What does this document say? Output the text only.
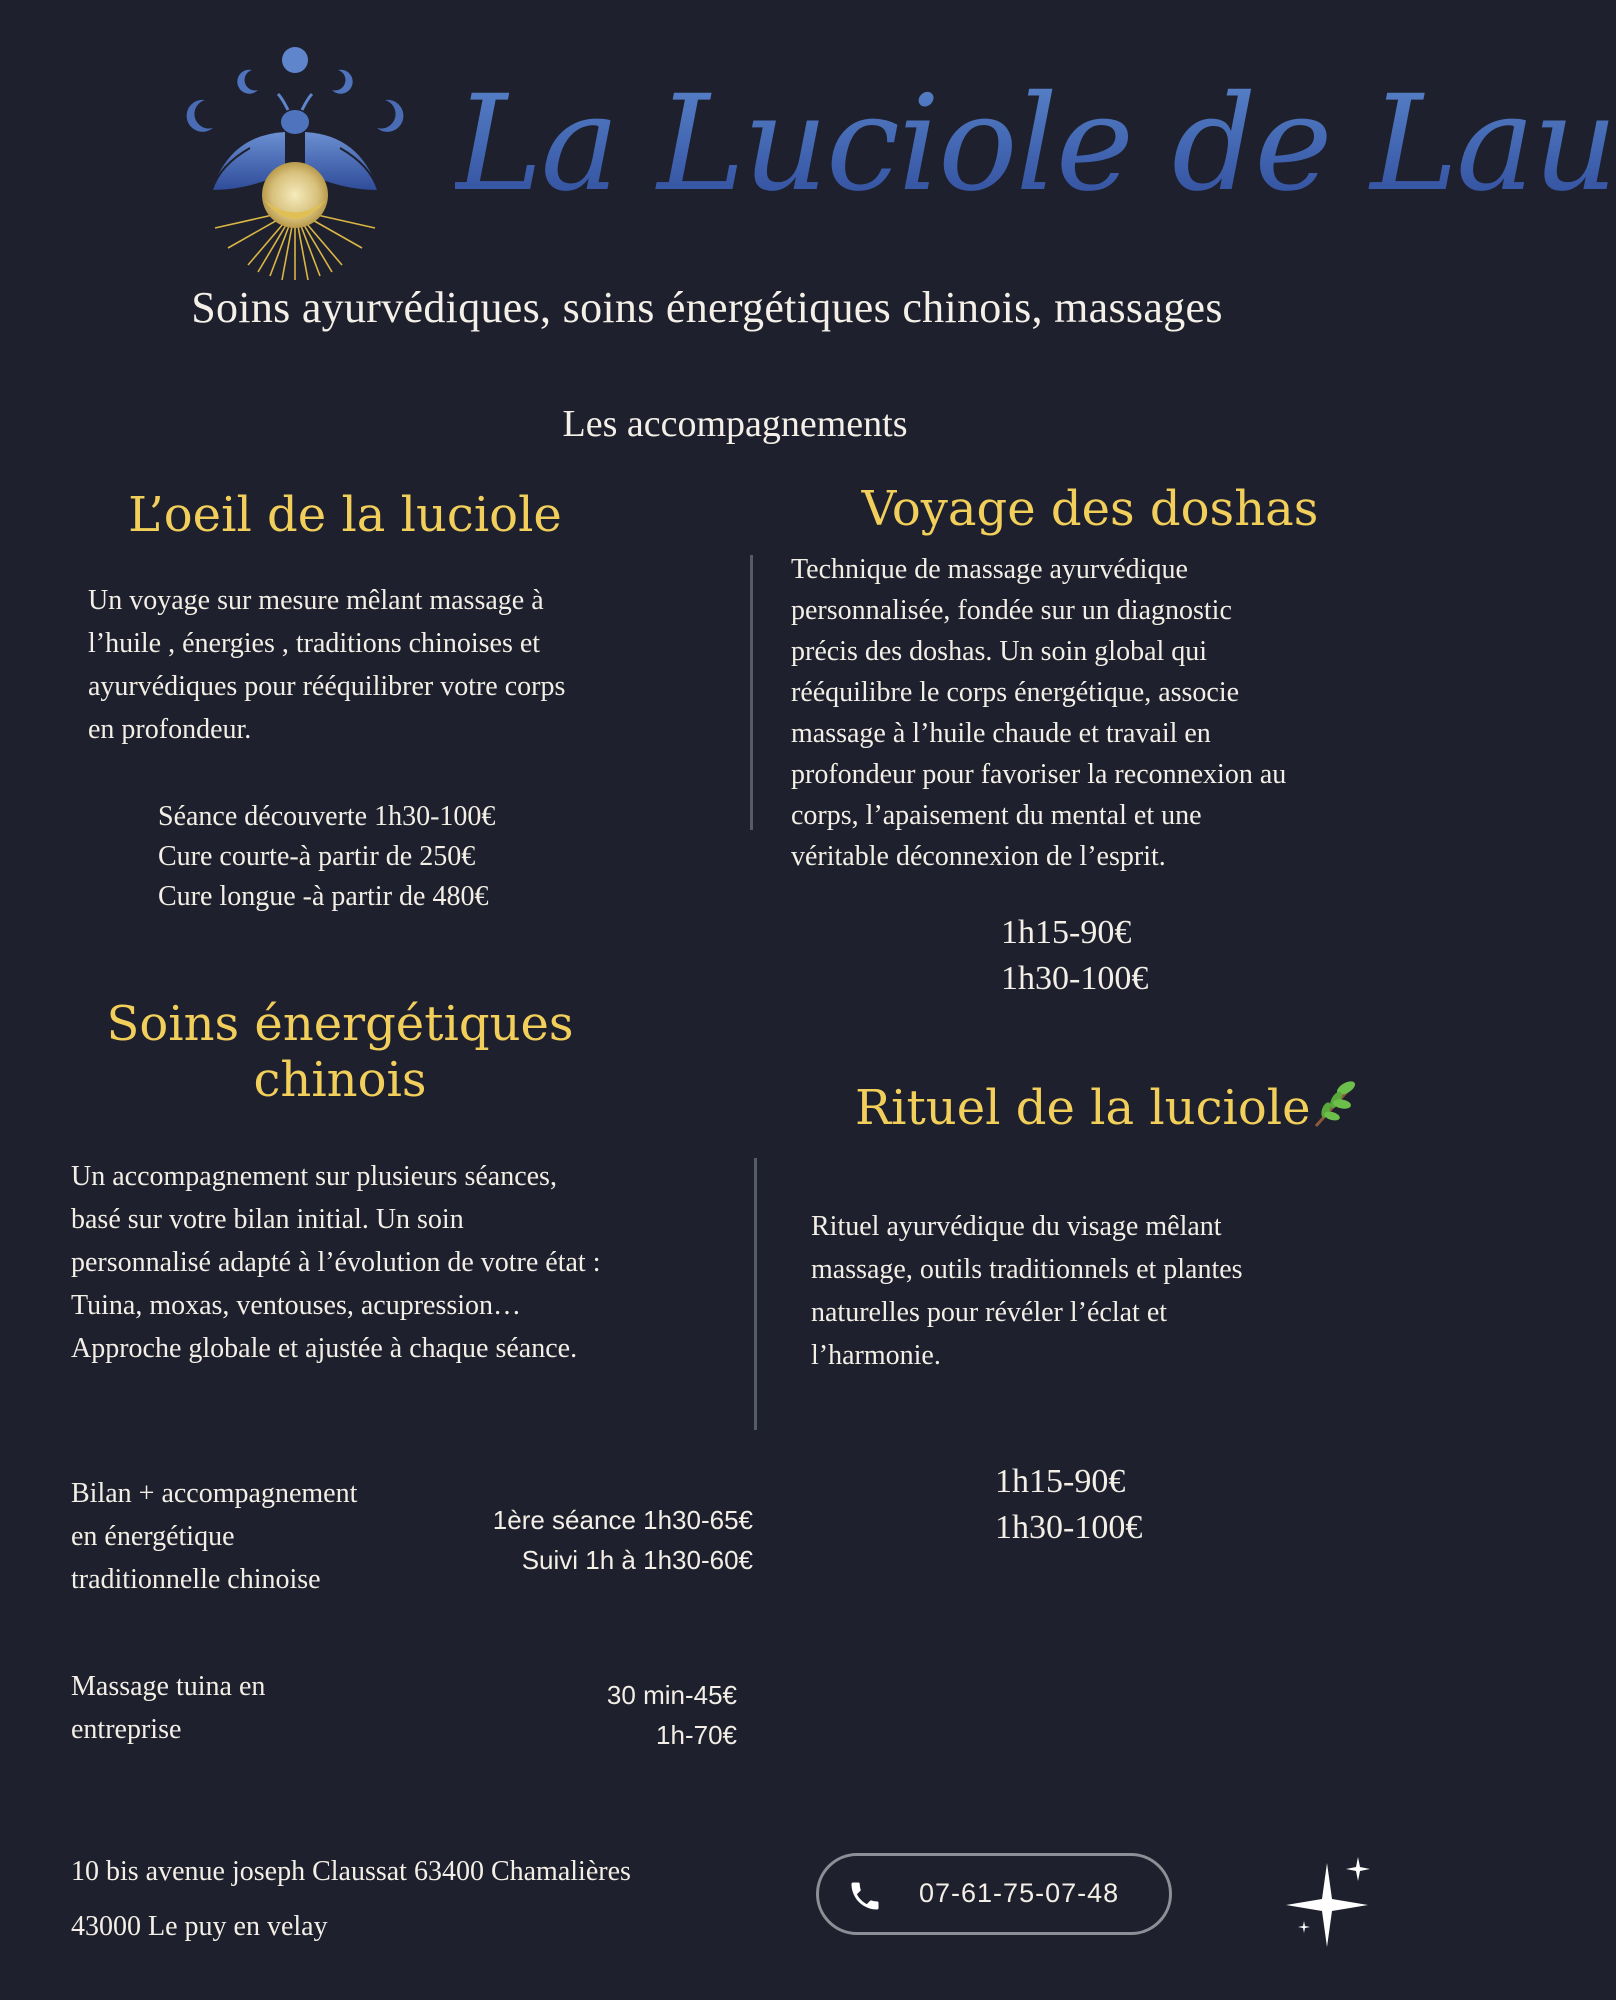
La Luciole de Lau
Soins ayurvédiques, soins énergétiques chinois, massages
Les accompagnements
L’oeil de la luciole
Un voyage sur mesure mêlant massage à
l’huile , énergies , traditions chinoises et
ayurvédiques pour rééquilibrer votre corps
en profondeur.
Séance découverte 1h30-100€
Cure courte-à partir de 250€
Cure longue -à partir de 480€
Voyage des doshas
Technique de massage ayurvédique
personnalisée, fondée sur un diagnostic
précis des doshas. Un soin global qui
rééquilibre le corps énergétique, associe
massage à l’huile chaude et travail en
profondeur pour favoriser la reconnexion au
corps, l’apaisement du mental et une
véritable déconnexion de l’esprit.
1h15-90€
1h30-100€
Soins énergétiques
chinois
Un accompagnement sur plusieurs séances,
basé sur votre bilan initial. Un soin
personnalisé adapté à l’évolution de votre état :
Tuina, moxas, ventouses, acupression…
Approche globale et ajustée à chaque séance.
Rituel de la luciole
Rituel ayurvédique du visage mêlant
massage, outils traditionnels et plantes
naturelles pour révéler l’éclat et
l’harmonie.
1h15-90€
1h30-100€
Bilan + accompagnement
en énergétique
traditionnelle chinoise
1ère séance 1h30-65€
Suivi 1h à 1h30-60€
Massage tuina en
entreprise
30 min-45€
1h-70€
10 bis avenue joseph Claussat 63400 Chamalières
43000 Le puy en velay
07-61-75-07-48
